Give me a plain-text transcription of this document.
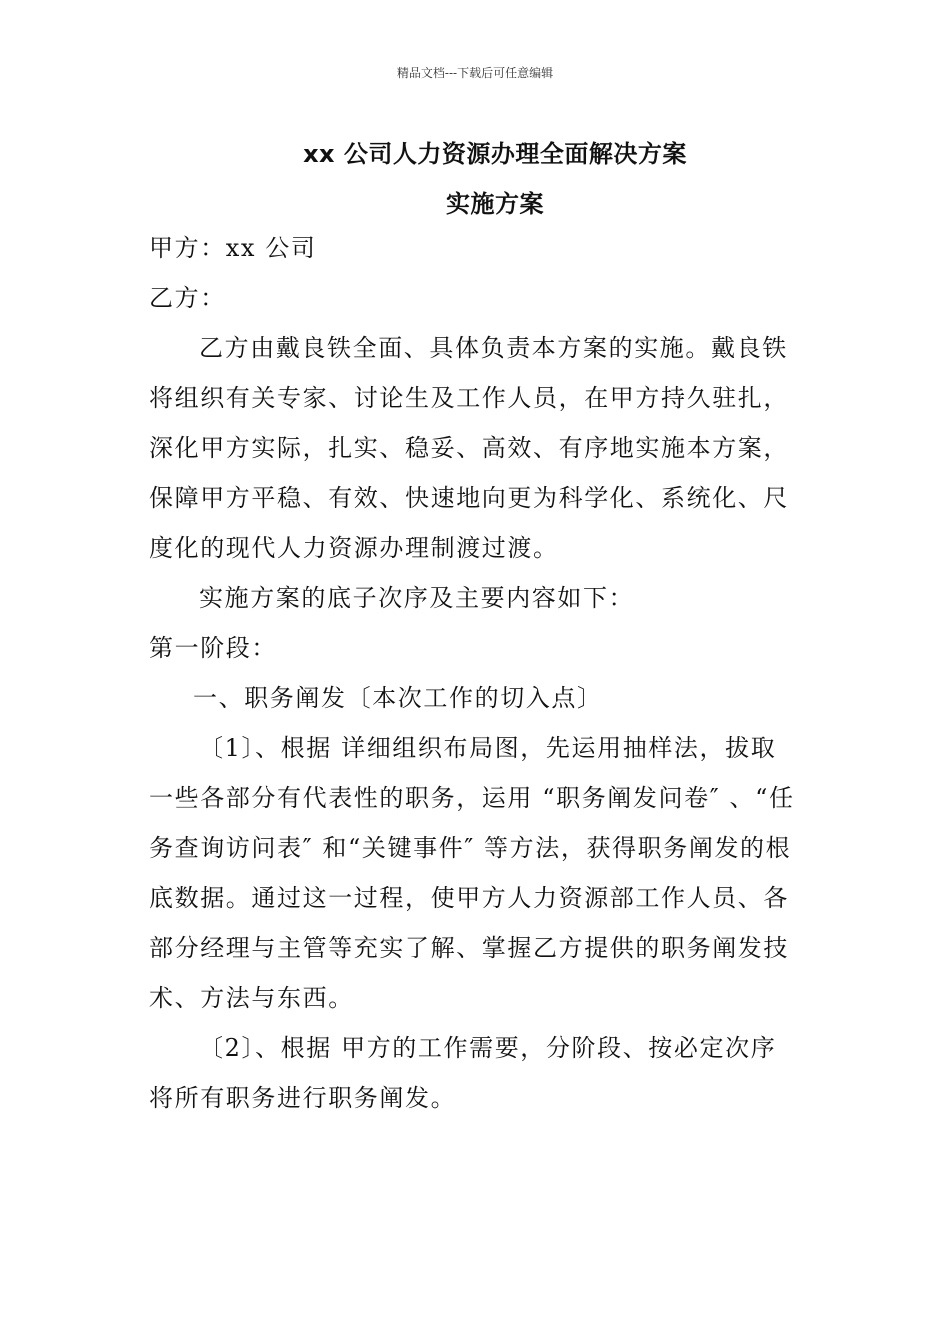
精品文档---下载后可任意编辑
xx 公司人力资源办理全面解决方案
实施方案
甲方：xx 公司
乙方：
乙方由戴良铁全面、具体负责本方案的实施。戴良铁
将组织有关专家、讨论生及工作人员，在甲方持久驻扎，
深化甲方实际，扎实、稳妥、高效、有序地实施本方案，
保障甲方平稳、有效、快速地向更为科学化、系统化、尺
度化的现代人力资源办理制渡过渡。
实施方案的底子次序及主要内容如下：
第一阶段：
一、职务阐发〔本次工作的切入点〕
〔1〕、根据 详细组织布局图，先运用抽样法，拔取
一些各部分有代表性的职务，运用 “职务阐发问卷″ 、“任
务查询访问表″ 和“关键事件″ 等方法，获得职务阐发的根
底数据。通过这一过程，使甲方人力资源部工作人员、各
部分经理与主管等充实了解、掌握乙方提供的职务阐发技
术、方法与东西。
〔2〕、根据 甲方的工作需要，分阶段、按必定次序
将所有职务进行职务阐发。
